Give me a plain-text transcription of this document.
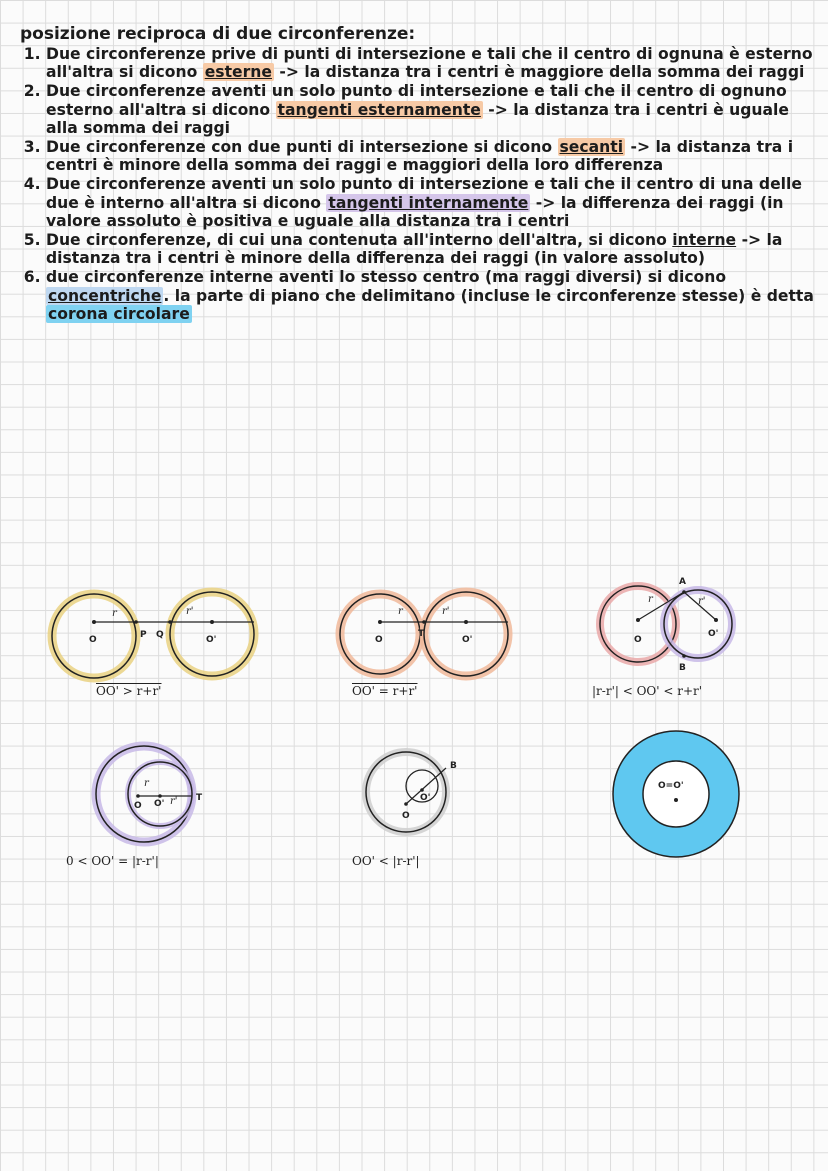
posizione reciproca di due circonferenze:
1. Due circonferenze prive di punti di intersezione e tali che il centro di ognuna è esterno all'altra si dicono esterne -> la distanza tra i centri è maggiore della somma dei raggi
2. Due circonferenze aventi un solo punto di intersezione e tali che il centro di ognuno esterno all'altra si dicono tangenti esternamente -> la distanza tra i centri è uguale alla somma dei raggi
3. Due circonferenze con due punti di intersezione si dicono secanti -> la distanza tra i centri è minore della somma dei raggi e maggiori della loro differenza
4. Due circonferenze aventi un solo punto di intersezione e tali che il centro di una delle due è interno all'altra si dicono tangenti internamente -> la differenza dei raggi (in valore assoluto è positiva e uguale alla distanza tra i centri
5. Due circonferenze, di cui una contenuta all'interno dell'altra, si dicono interne -> la distanza tra i centri è minore della differenza dei raggi (in valore assoluto)
6. due circonferenze interne aventi lo stesso centro (ma raggi diversi) si dicono concentriche . la parte di piano che delimitano (incluse le circonferenze stesse) è detta corona circolare
O	P Q	O'
r	r'
OO' > r+r'
O
T
O'
r	r'
OO' = r+r'
A
B
O
O'
r	r'
|r-r'| < OO' < r+r'
O O'
T
r
r'
0 < OO' = |r-r'|
O
O'
B
OO' < |r-r'|
O=O'
